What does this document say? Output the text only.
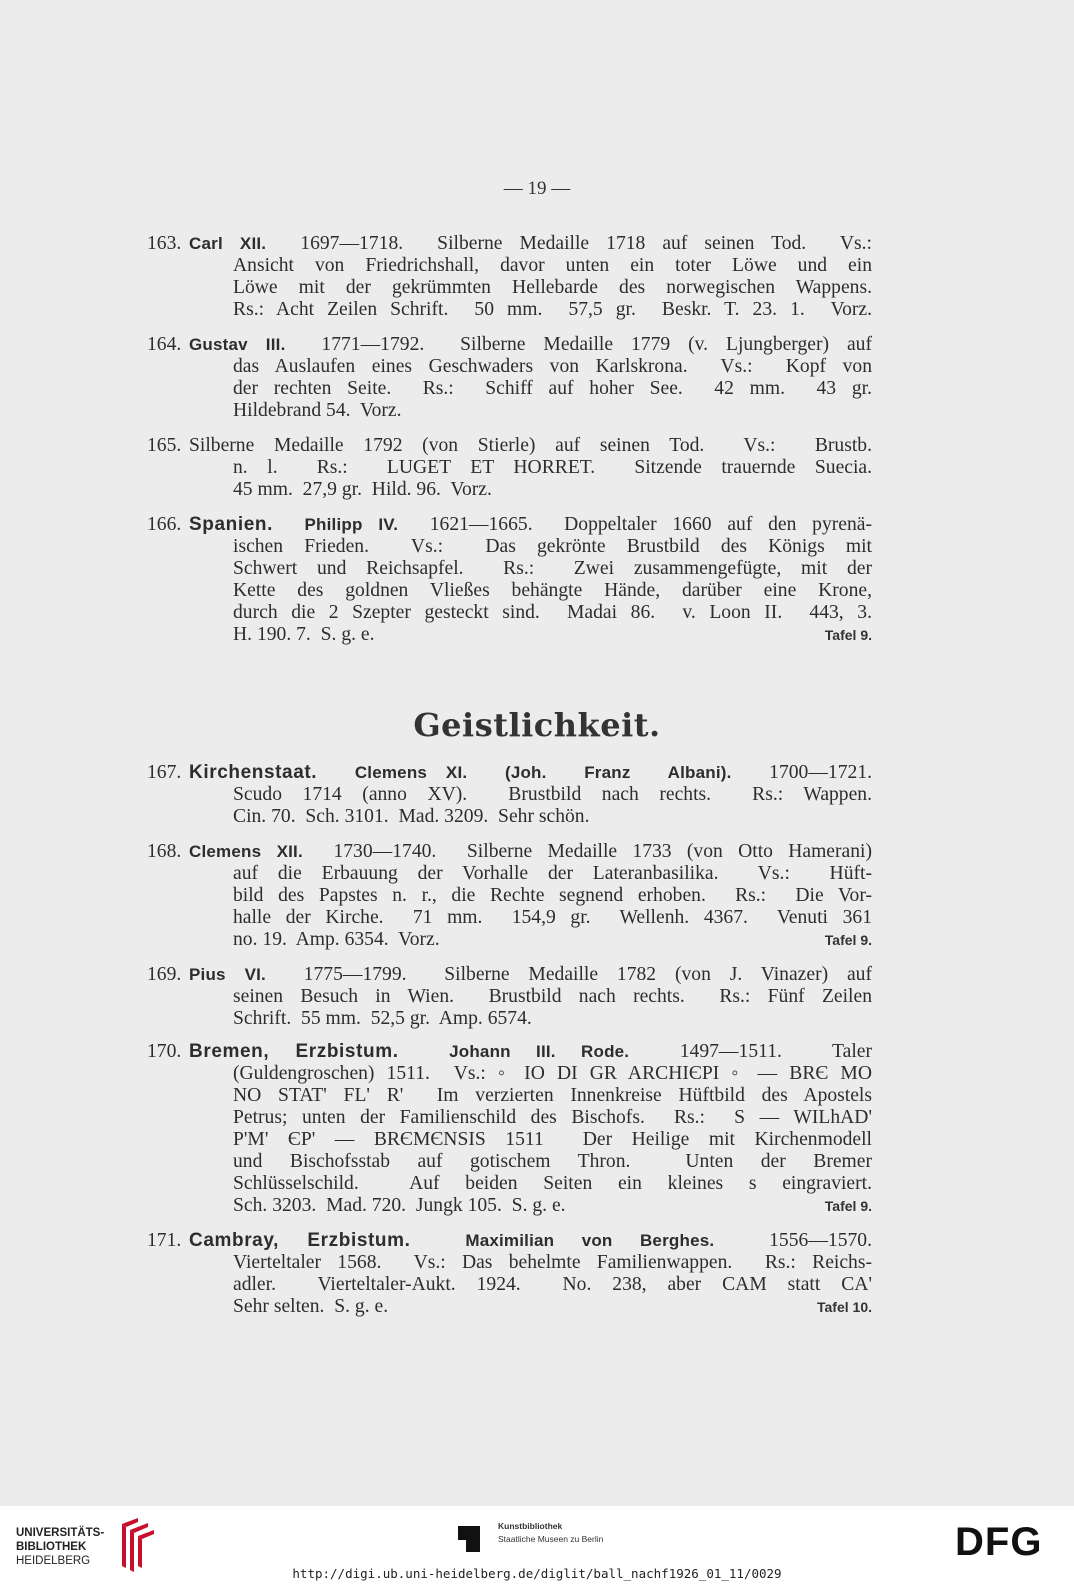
— 19 —
163. Carl XII.  1697—1718.  Silberne Medaille 1718 auf seinen Tod.  Vs.:
Ansicht von Friedrichshall, davor unten ein toter Löwe und ein
Löwe mit der gekrümmten Hellebarde des norwegischen Wappens.
Rs.: Acht Zeilen Schrift.  50 mm.  57,5 gr.  Beskr. T. 23. 1.  Vorz.
164. Gustav III.  1771—1792.  Silberne Medaille 1779 (v. Ljungberger) auf
das Auslaufen eines Geschwaders von Karlskrona.  Vs.:  Kopf von
der rechten Seite.  Rs.:  Schiff auf hoher See.  42 mm.  43 gr.
Hildebrand 54.  Vorz.
165. Silberne Medaille 1792 (von Stierle) auf seinen Tod.  Vs.:  Brustb.
n. l.  Rs.:  LUGET ET HORRET.  Sitzende trauernde Suecia.
45 mm.  27,9 gr.  Hild. 96.  Vorz.
166. Spanien. Philipp IV.  1621—1665.  Doppeltaler 1660 auf den pyrenä-
ischen Frieden.  Vs.:  Das gekrönte Brustbild des Königs mit
Schwert und Reichsapfel.  Rs.:  Zwei zusammengefügte, mit der
Kette des goldnen Vließes behängte Hände, darüber eine Krone,
durch die 2 Szepter gesteckt sind.  Madai 86.  v. Loon II.  443, 3.
Tafel 9.
H. 190. 7.  S. g. e.
Geistlichkeit.
167. Kirchenstaat. Clemens XI.  (Joh.  Franz  Albani).  1700—1721.
Scudo 1714 (anno XV).  Brustbild nach rechts.  Rs.: Wappen.
Cin. 70.  Sch. 3101.  Mad. 3209.  Sehr schön.
168. Clemens XII.  1730—1740.  Silberne Medaille 1733 (von Otto Hamerani)
auf die Erbauung der Vorhalle der Lateranbasilika.  Vs.:  Hüft-
bild des Papstes n. r., die Rechte segnend erhoben.  Rs.:  Die Vor-
halle der Kirche.  71 mm.  154,9 gr.  Wellenh. 4367.  Venuti 361
Tafel 9.
no. 19.  Amp. 6354.  Vorz.
169. Pius VI.  1775—1799.  Silberne Medaille 1782 (von J. Vinazer) auf
seinen Besuch in Wien.  Brustbild nach rechts.  Rs.: Fünf Zeilen
Schrift.  55 mm.  52,5 gr.  Amp. 6574.
170. Bremen, Erzbistum.	Johann III. Rode.  1497—1511.  Taler
(Guldengroschen) 1511.  Vs.: ◦ IO DI GR ARCHIЄPI ◦ — BRЄ MO
NO STAT' FL' R'  Im verzierten Innenkreise Hüftbild des Apostels
Petrus; unten der Familienschild des Bischofs.  Rs.:  S — WILhAD'
P'M' ЄP' — BRЄMЄNSIS 1511  Der Heilige mit Kirchenmodell
und Bischofsstab auf gotischem Thron.  Unten der Bremer
Schlüsselschild.  Auf beiden Seiten ein kleines s eingraviert.
Tafel 9.
Sch. 3203.  Mad. 720.  Jungk 105.  S. g. e.
171. Cambray, Erzbistum.	Maximilian von Berghes.  1556—1570.
Vierteltaler 1568.  Vs.: Das behelmte Familienwappen.  Rs.: Reichs-
adler.  Vierteltaler-Aukt. 1924.  No. 238, aber CAM statt CA'
Tafel 10.
Sehr selten.  S. g. e.
UNIVERSITÄTS-
BIBLIOTHEK
HEIDELBERG
Kunstbibliothek
Staatliche Museen zu Berlin	DFG
http://digi.ub.uni-heidelberg.de/diglit/ball_nachf1926_01_11/0029
